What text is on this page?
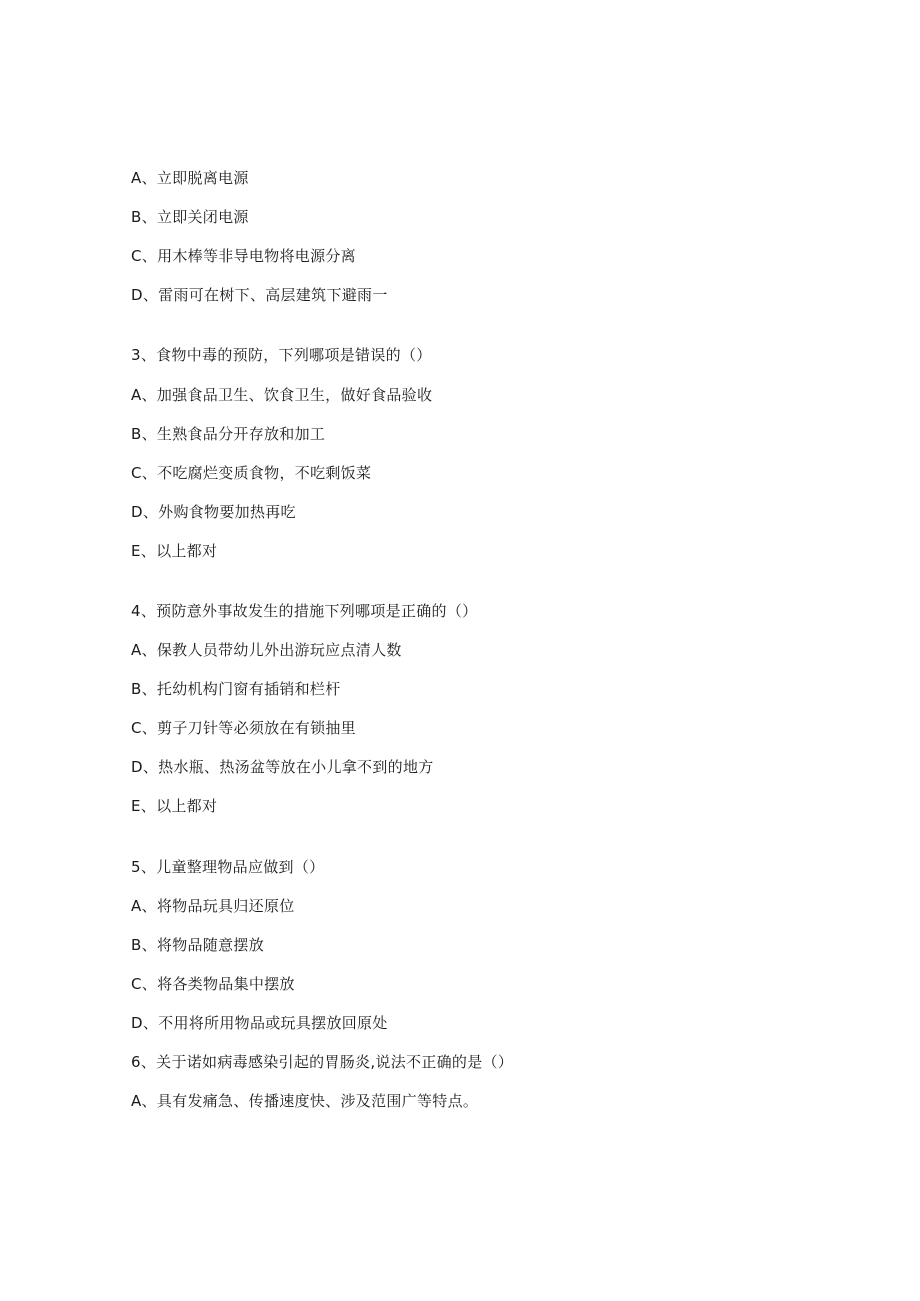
A、立即脱离电源
B、立即关闭电源
C、用木棒等非导电物将电源分离
D、雷雨可在树下、高层建筑下避雨一
3、食物中毒的预防，下列哪项是错误的（）
A、加强食品卫生、饮食卫生，做好食品验收
B、生熟食品分开存放和加工
C、不吃腐烂变质食物，不吃剩饭菜
D、外购食物要加热再吃
E、以上都对
4、预防意外事故发生的措施下列哪项是正确的（）
A、保教人员带幼儿外出游玩应点清人数
B、托幼机构门窗有插销和栏杆
C、剪子刀针等必须放在有锁抽里
D、热水瓶、热汤盆等放在小儿拿不到的地方
E、以上都对
5、儿童整理物品应做到（）
A、将物品玩具归还原位
B、将物品随意摆放
C、将各类物品集中摆放
D、不用将所用物品或玩具摆放回原处
6、关于诺如病毒感染引起的胃肠炎,说法不正确的是（）
A、具有发痛急、传播速度快、涉及范围广等特点。
